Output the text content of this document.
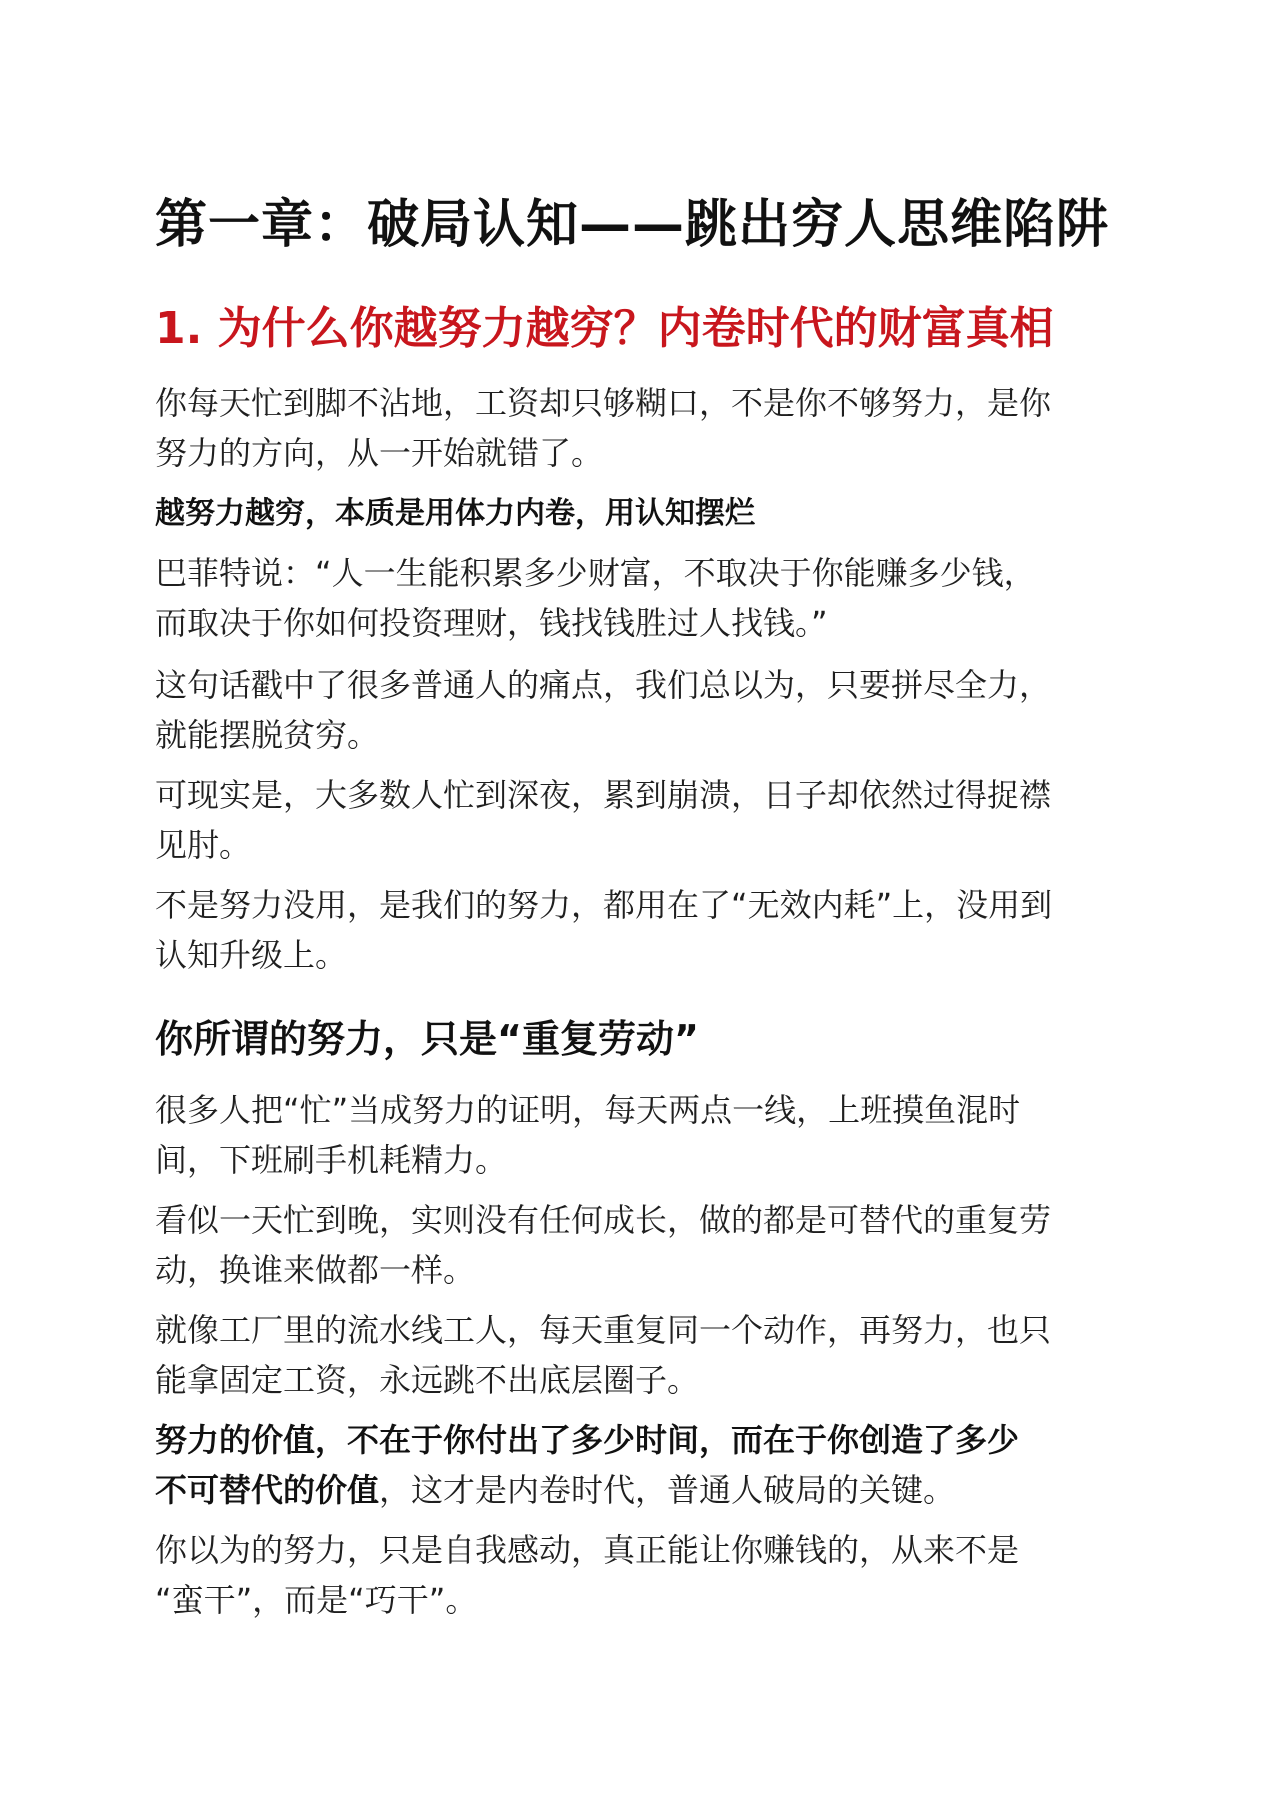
第一章：破局认知——跳出穷人思维陷阱
1. 为什么你越努力越穷？内卷时代的财富真相

你每天忙到脚不沾地，工资却只够糊口，不是你不够努力，是你
努力的方向，从一开始就错了。

越努力越穷，本质是用体力内卷，用认知摆烂

巴菲特说：“人一生能积累多少财富，不取决于你能赚多少钱，
而取决于你如何投资理财，钱找钱胜过人找钱。”

这句话戳中了很多普通人的痛点，我们总以为，只要拼尽全力，
就能摆脱贫穷。

可现实是，大多数人忙到深夜，累到崩溃，日子却依然过得捉襟
见肘。

不是努力没用，是我们的努力，都用在了“无效内耗”上，没用到
认知升级上。

你所谓的努力，只是“重复劳动”

很多人把“忙”当成努力的证明，每天两点一线，上班摸鱼混时
间，下班刷手机耗精力。

看似一天忙到晚，实则没有任何成长，做的都是可替代的重复劳
动，换谁来做都一样。

就像工厂里的流水线工人，每天重复同一个动作，再努力，也只
能拿固定工资，永远跳不出底层圈子。

努力的价值，不在于你付出了多少时间，而在于你创造了多少
不可替代的价值，这才是内卷时代，普通人破局的关键。

你以为的努力，只是自我感动，真正能让你赚钱的，从来不是
“蛮干”，而是“巧干”。
